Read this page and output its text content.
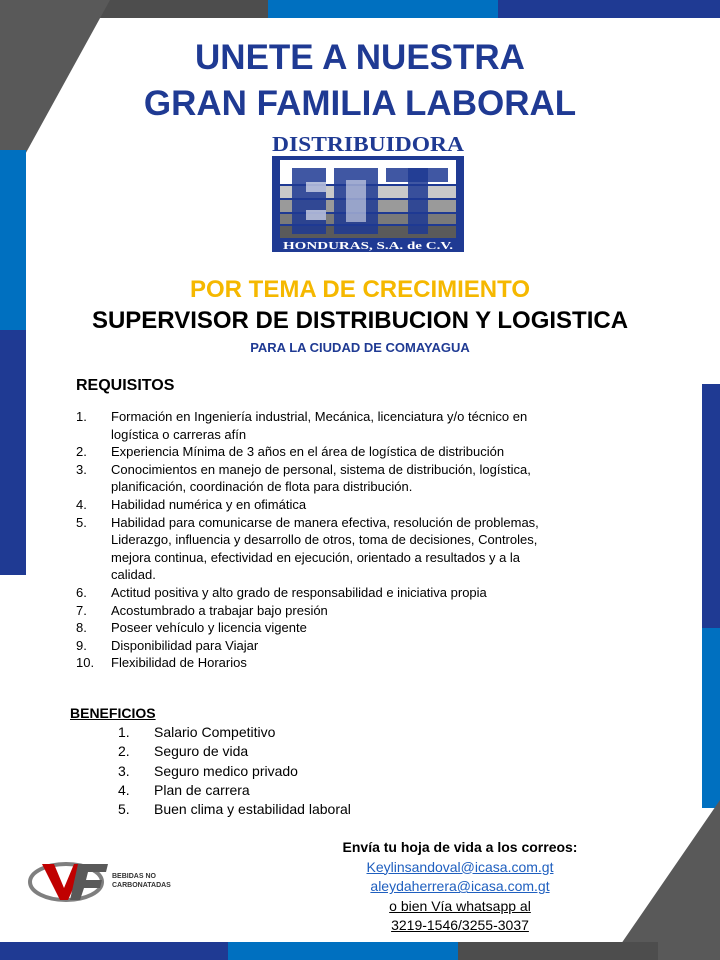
UNETE A NUESTRA
GRAN FAMILIA LABORAL
DISTRIBUIDORA
HONDURAS, S.A. de C.V.
POR TEMA DE CRECIMIENTO
SUPERVISOR DE DISTRIBUCION Y LOGISTICA
PARA LA CIUDAD DE COMAYAGUA
REQUISITOS
1. Formación en Ingeniería industrial, Mecánica, licenciatura y/o técnico en logística o carreras afín
2. Experiencia Mínima de 3 años en el área de logística de distribución
3. Conocimientos en manejo de personal, sistema de distribución, logística, planificación, coordinación de flota para distribución.
4. Habilidad numérica y en ofimática
5. Habilidad para comunicarse de manera efectiva, resolución de problemas, Liderazgo, influencia y desarrollo de otros, toma de decisiones, Controles, mejora continua, efectividad en ejecución, orientado a resultados y a la calidad.
6. Actitud positiva y alto grado de responsabilidad e iniciativa propia
7. Acostumbrado a trabajar bajo presión
8. Poseer vehículo y licencia vigente
9. Disponibilidad para Viajar
10. Flexibilidad de Horarios
BENEFICIOS
1. Salario Competitivo
2. Seguro de vida
3. Seguro medico privado
4. Plan de carrera
5. Buen clima y estabilidad laboral
Envía tu hoja de vida a los correos:
Keylinsandoval@icasa.com.gt
aleydaherrera@icasa.com.gt
o bien Vía whatsapp al
3219-1546/3255-3037
BEBIDAS NO
CARBONATADAS
